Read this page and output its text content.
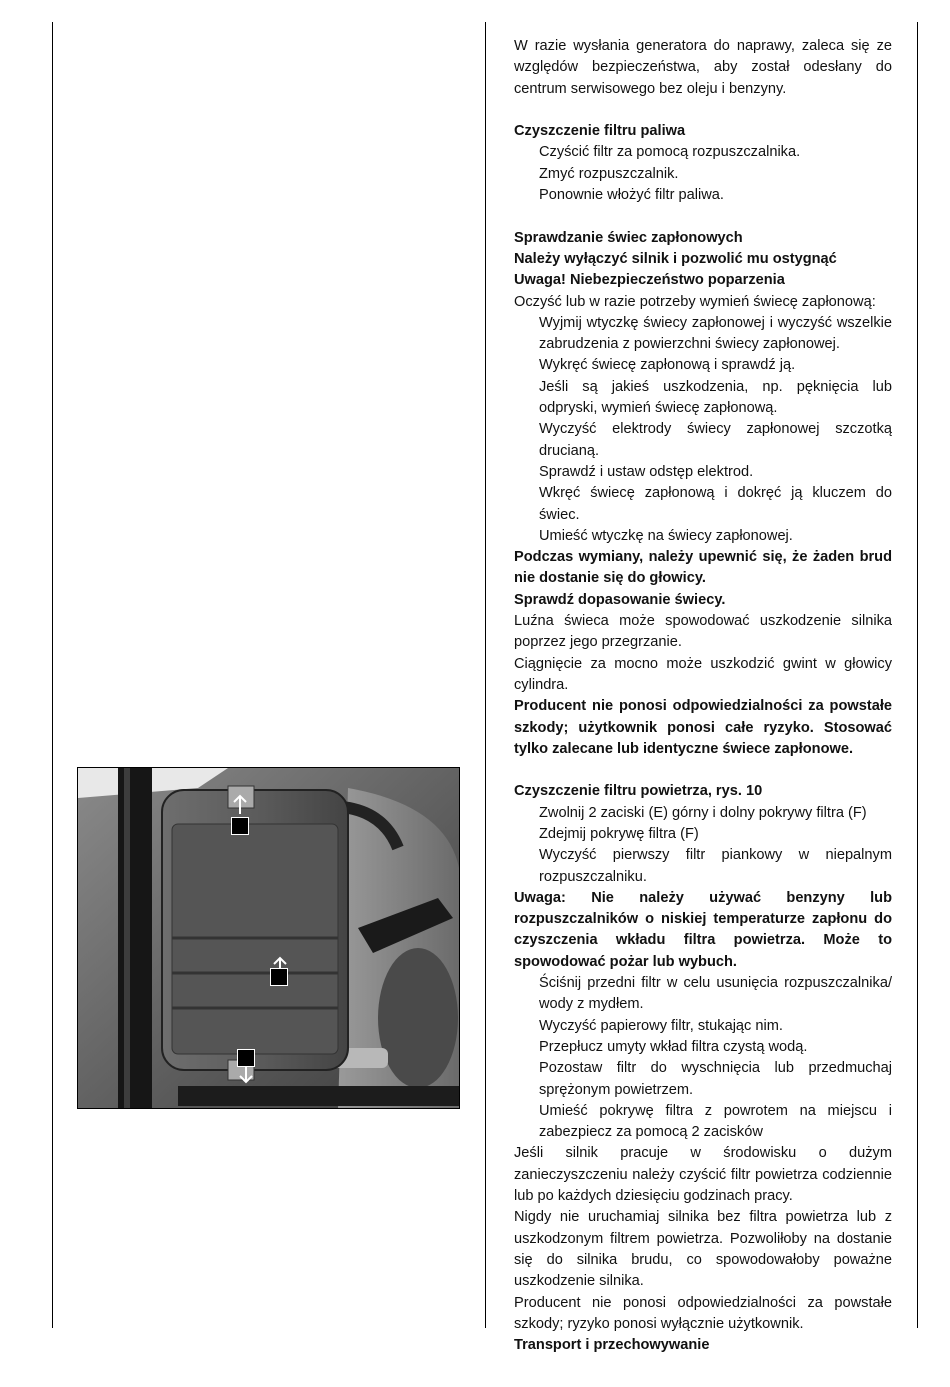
W razie wysłania generatora do naprawy, zaleca się ze względów bezpieczeństwa, aby został odesłany do centrum serwisowego bez oleju i benzyny.

Czyszczenie filtru paliwa

Czyścić filtr za pomocą rozpuszczalnika.

Zmyć rozpuszczalnik.

Ponownie włożyć filtr paliwa.

Sprawdzanie świec zapłonowych

Należy wyłączyć silnik i pozwolić mu ostygnąć

Uwaga! Niebezpieczeństwo poparzenia

Oczyść lub w razie potrzeby wymień świecę zapłonową:

Wyjmij wtyczkę świecy zapłonowej i wyczyść wszelkie zabrudzenia z powierzchni świecy zapłonowej.

Wykręć świecę zapłonową i sprawdź ją.

Jeśli są jakieś uszkodzenia, np. pęknięcia lub odpryski, wymień świecę zapłonową.

Wyczyść elektrody świecy zapłonowej szczotką drucianą.

Sprawdź i ustaw odstęp elektrod.

Wkręć świecę zapłonową i dokręć ją kluczem do świec.

Umieść wtyczkę na świecy zapłonowej.

Podczas wymiany, należy upewnić się, że żaden brud nie dostanie się do głowicy.

Sprawdź dopasowanie świecy.

Luźna świeca może spowodować uszkodzenie silnika poprzez jego przegrzanie.

Ciągnięcie za mocno może uszkodzić gwint w głowicy cylindra.

Producent nie ponosi odpowiedzialności za powstałe szkody; użytkownik ponosi całe ryzyko. Stosować tylko zalecane lub identyczne świece zapłonowe.

Czyszczenie filtru powietrza, rys. 10

Zwolnij 2 zaciski (E) górny i dolny pokrywy filtra (F)

Zdejmij pokrywę filtra (F)

Wyczyść pierwszy filtr piankowy w niepalnym rozpuszczalniku.

Uwaga: Nie należy używać benzyny lub rozpuszczalników o niskiej temperaturze zapłonu do czyszczenia wkładu filtra powietrza. Może to spowodować pożar lub wybuch.

Ściśnij przedni filtr w celu usunięcia rozpuszczalnika/ wody z mydłem.

Wyczyść papierowy filtr, stukając nim.

Przepłucz umyty wkład filtra czystą wodą.

Pozostaw filtr do wyschnięcia lub przedmuchaj sprężonym powietrzem.

Umieść pokrywę filtra z powrotem na miejscu i zabezpiecz za pomocą 2 zacisków

Jeśli silnik pracuje w środowisku o dużym zanieczyszczeniu należy czyścić filtr powietrza codziennie lub po każdych dziesięciu godzinach pracy.

Nigdy nie uruchamiaj silnika bez filtra powietrza lub z uszkodzonym filtrem powietrza. Pozwoliłoby na dostanie się do silnika brudu, co spowodowałoby poważne uszkodzenie silnika.

Producent nie ponosi odpowiedzialności za powstałe szkody; ryzyko ponosi wyłącznie użytkownik.

Transport i przechowywanie
